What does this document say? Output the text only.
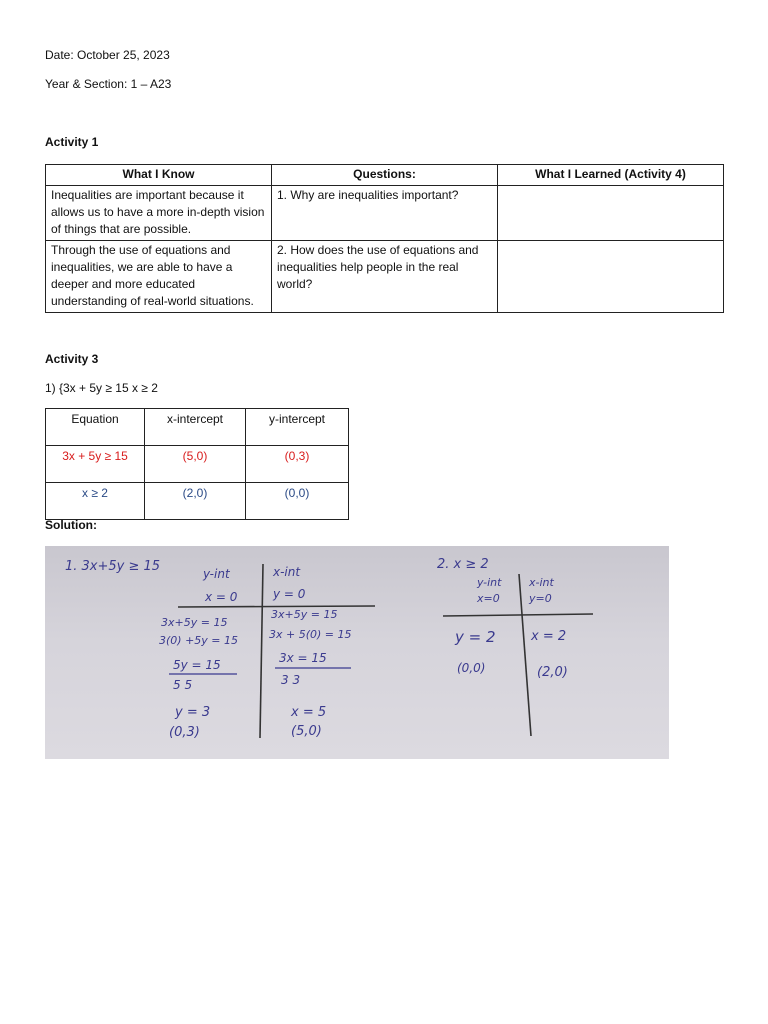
Date: October 25, 2023
Year & Section: 1 – A23
Activity 1
What I Know	Questions:	What I Learned (Activity 4)
Inequalities are important because it allows us to have a more in-depth vision of things that are possible.	1. Why are inequalities important?	
Through the use of equations and inequalities, we are able to have a deeper and more educated understanding of real-world situations.	2. How does the use of equations and inequalities help people in the real world?	
Activity 3
1) {3x + 5y ≥ 15 x ≥ 2
Equation	x-intercept	y-intercept
3x + 5y ≥ 15	(5,0)	(0,3)
x ≥ 2	(2,0)	(0,0)
Solution:
1. 3x+5y ≥ 15	y-int
x = 0
x-int
y = 0
3x+5y = 15
3(0) +5y = 15
5y = 15
5 5
y = 3
(0,3)
3x+5y = 15
3x + 5(0) = 15
3x = 15
3 3
x = 5
(5,0)
2. x ≥ 2
y-int
x=0
x-int
y=0
y = 2
(0,0)
x = 2
(2,0)
